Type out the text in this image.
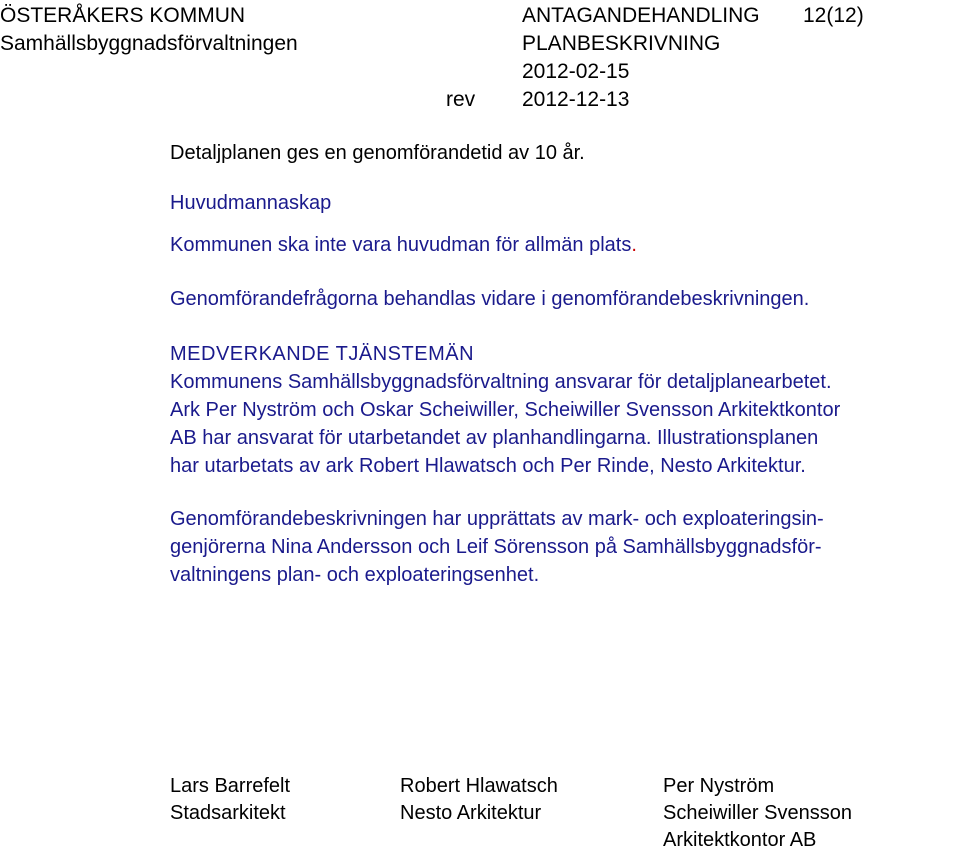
ÖSTERÅKERS KOMMUN
Samhällsbyggnadsförvaltningen
ANTAGANDEHANDLING 12(12)
PLANBESKRIVNING
2012-02-15
rev 2012-12-13
Detaljplanen ges en genomförandetid av 10 år.
Huvudmannaskap
Kommunen ska inte vara huvudman för allmän plats.
Genomförandefrågorna behandlas vidare i genomförandebeskrivningen.
MEDVERKANDE TJÄNSTEMÄN
Kommunens Samhällsbyggnadsförvaltning ansvarar för detaljplanearbetet.
Ark Per Nyström och Oskar Scheiwiller, Scheiwiller Svensson Arkitektkontor
AB har ansvarat för utarbetandet av planhandlingarna. Illustrationsplanen
har utarbetats av ark Robert Hlawatsch och Per Rinde, Nesto Arkitektur.
Genomförandebeskrivningen har upprättats av mark- och exploateringsin-
genjörerna Nina Andersson och Leif Sörensson på Samhällsbyggnadsför-
valtningens plan- och exploateringsenhet.
Lars Barrefelt
Stadsarkitekt
Robert Hlawatsch
Nesto Arkitektur
Per Nyström
Scheiwiller Svensson
Arkitektkontor AB
